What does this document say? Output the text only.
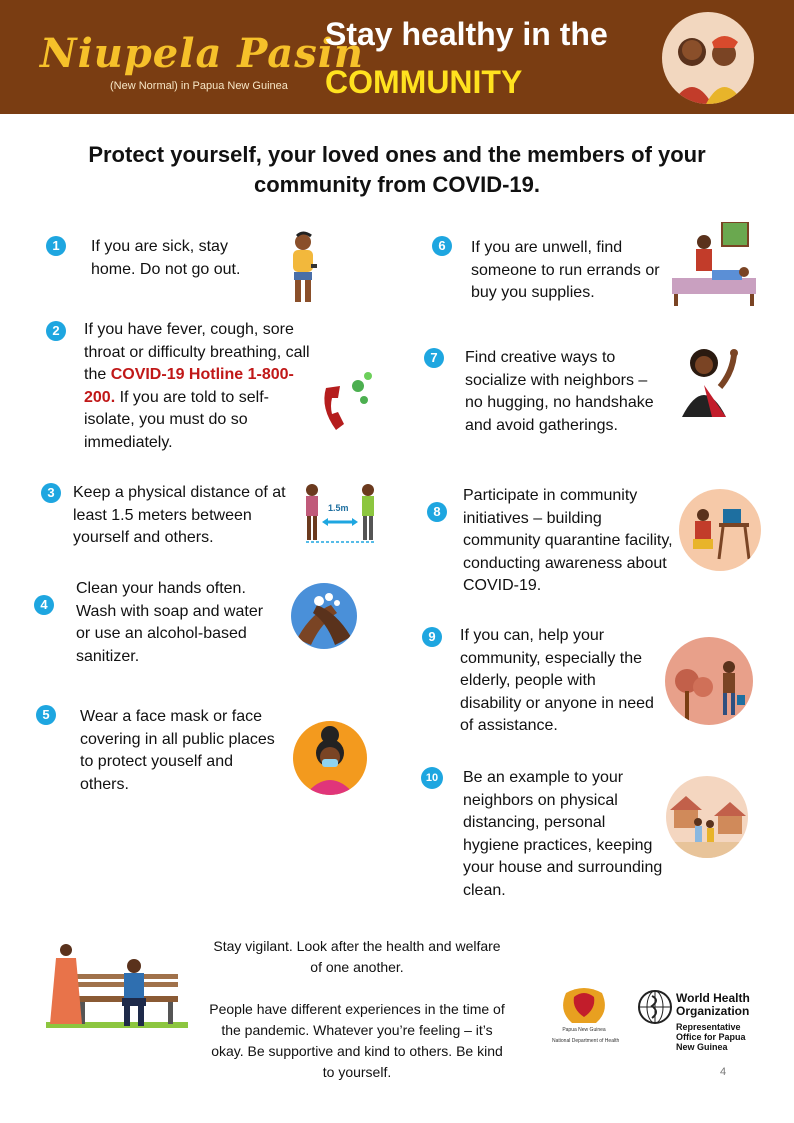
Niupela Pasin
(New Normal) in Papua New Guinea
Stay healthy in the
COMMUNITY
Protect yourself, your loved ones and the members of your community from COVID-19.
1	If you are sick, stay home. Do not go out.
2	If you have fever, cough, sore throat or difficulty breathing, call the COVID-19 Hotline 1-800-200. If you are told to self-isolate, you must do so immediately.
3	Keep a physical distance of at least 1.5 meters between yourself and others.
1.5m
4
Clean your hands often. Wash with soap and water or use an alcohol-based sanitizer.
5	Wear a face mask or face covering in all public places to protect youself and others.
6	If you are unwell, find someone to run errands or buy you supplies.
7	Find creative ways to socialize with neighbors – no hugging, no handshake and avoid gatherings.
8
Participate in community initiatives – building community quarantine facility, conducting awareness about COVID-19.
9	If you can, help your community, especially the elderly, people with disability or anyone in need of assistance.
10	Be an example to your neighbors on physical distancing, personal hygiene practices, keeping your house and surrounding clean.
Stay vigilant. Look after the health and welfare of one another.
People have different experiences in the time of the pandemic. Whatever you’re feeling – it’s okay. Be supportive and kind to others. Be kind to yourself.
Papua New Guinea
National Department of Health
World Health Organization
Representative Office for Papua New Guinea
4
